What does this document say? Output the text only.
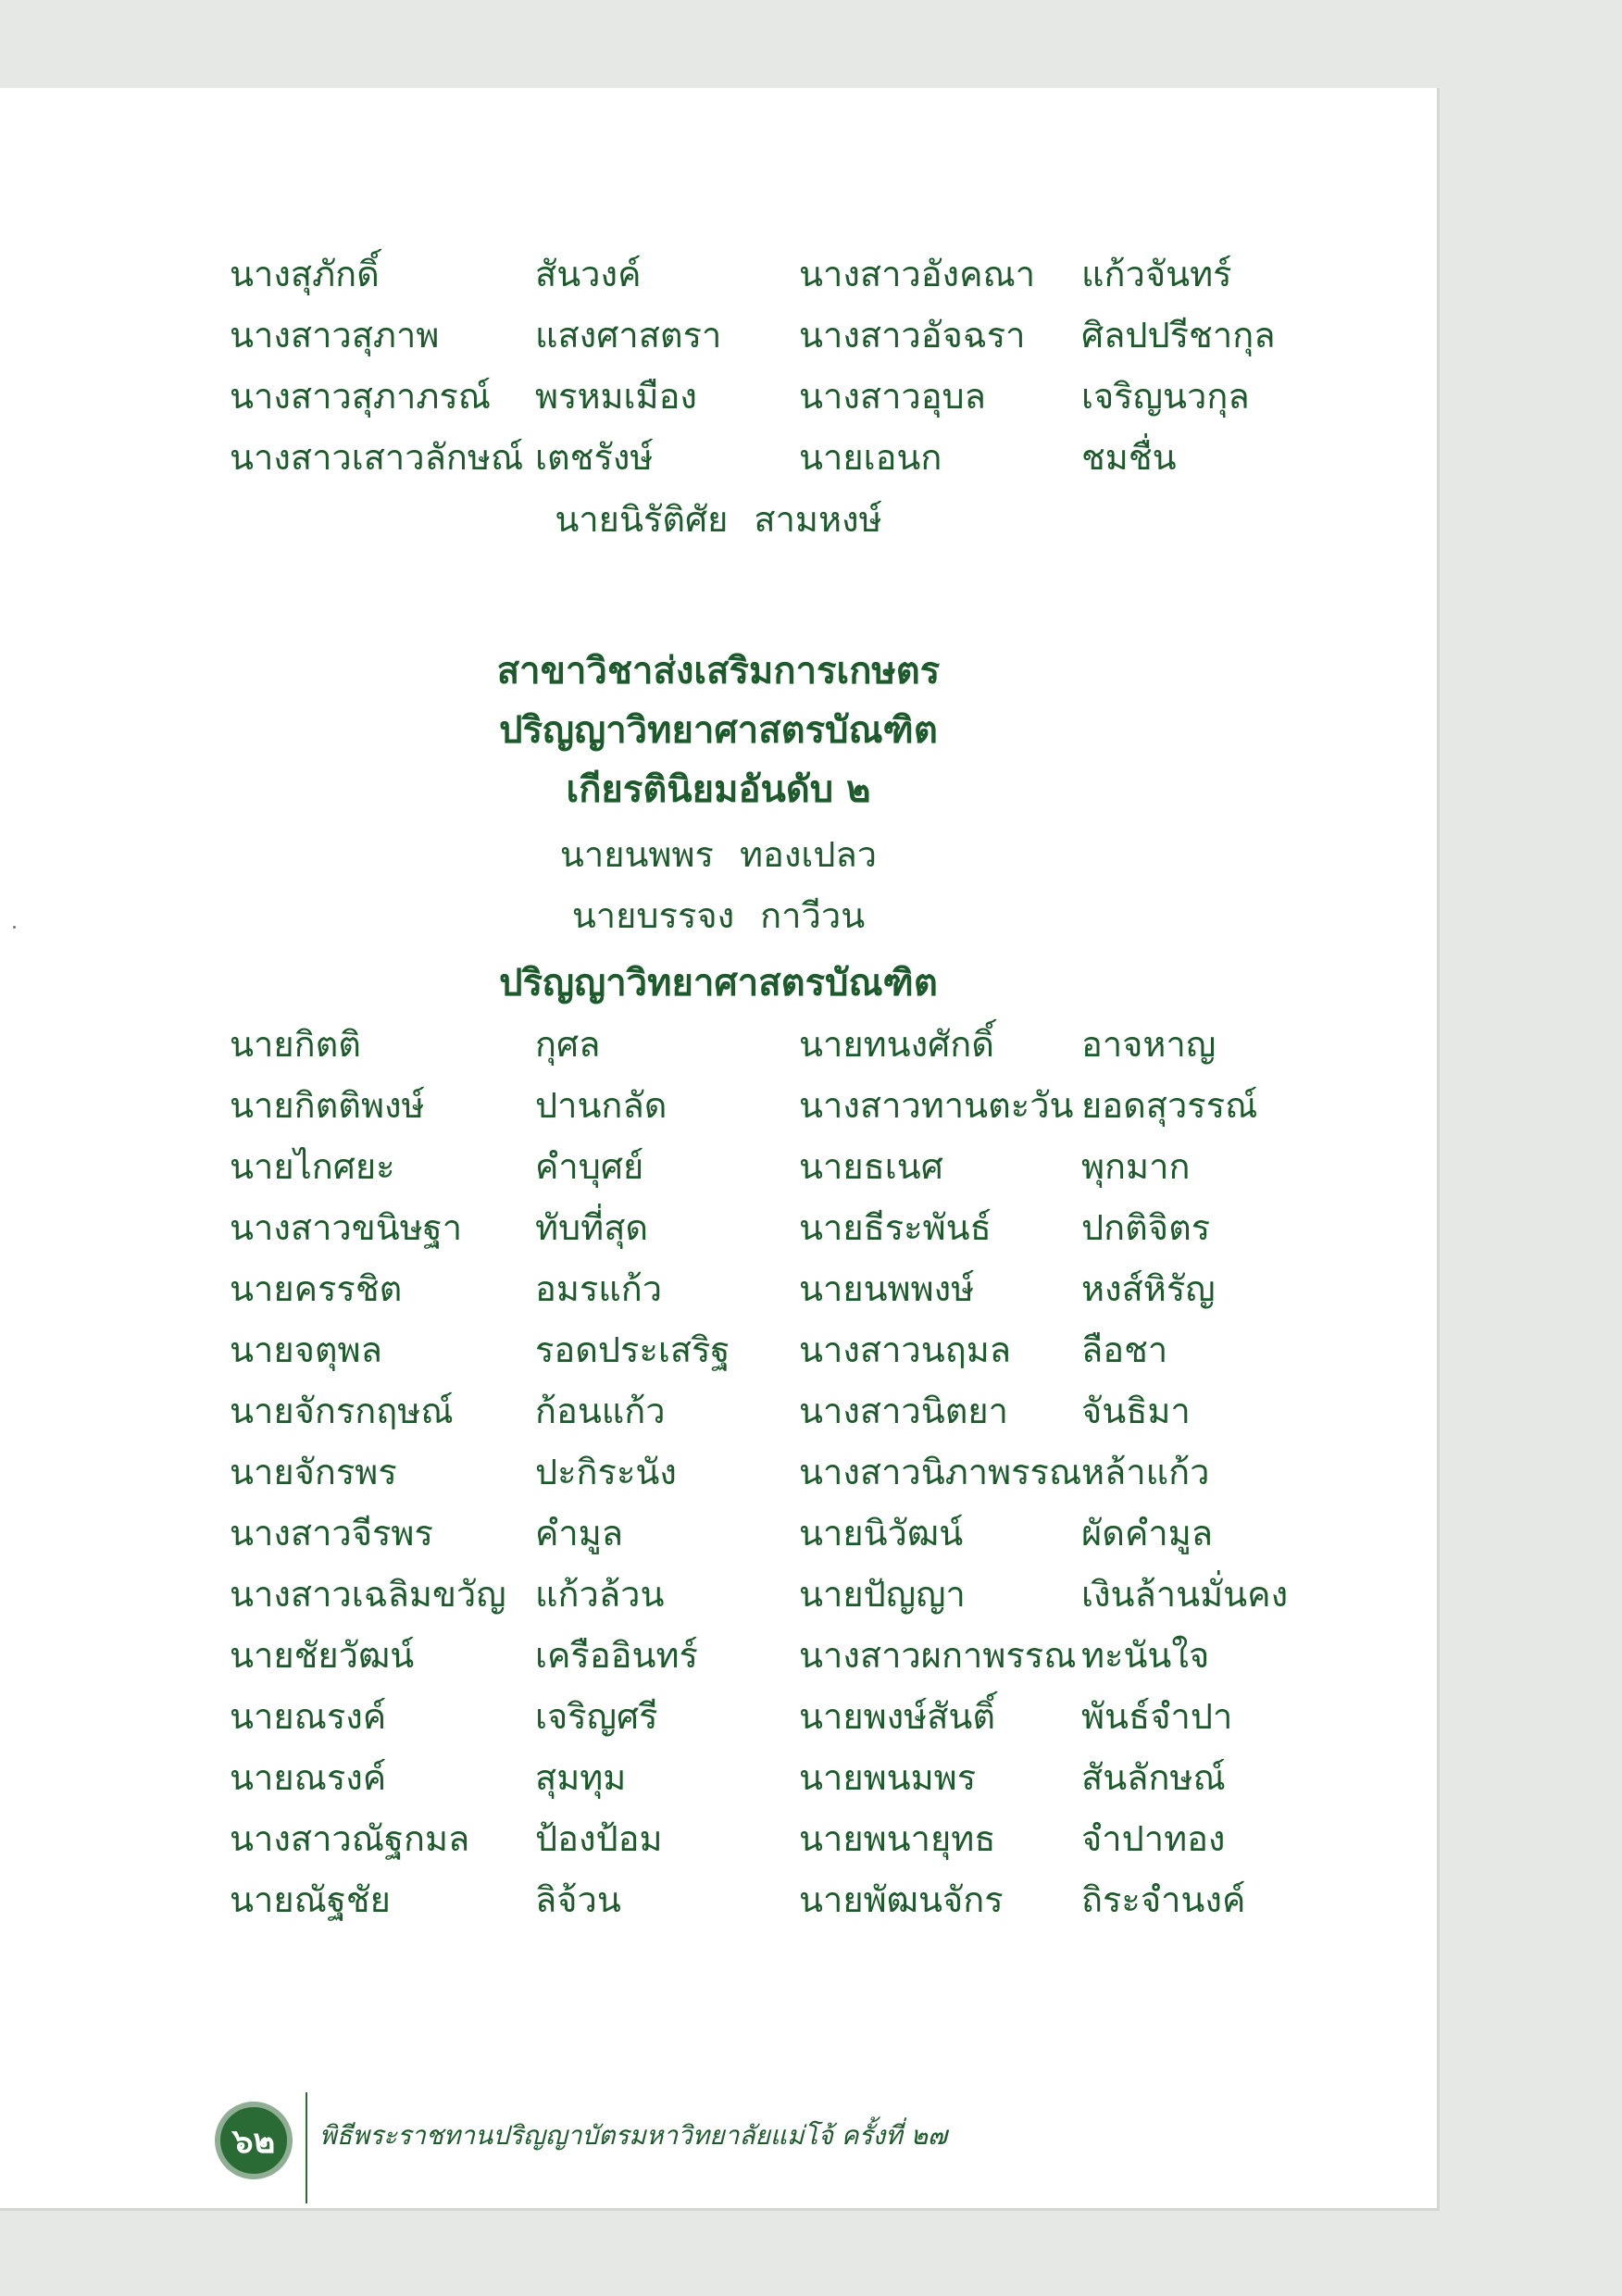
นางสุภักดิ์	สันวงค์	นางสาวอังคณา	แก้วจันทร์
นางสาวสุภาพ	แสงศาสตรา	นางสาวอัจฉรา	ศิลปปรีชากุล
นางสาวสุภาภรณ์	พรหมเมือง	นางสาวอุบล	เจริญนวกุล
นางสาวเสาวลักษณ์ เตชรังษ์	นายเอนก	ชมชื่น
นายนิรัติศัย สามหงษ์
สาขาวิชาส่งเสริมการเกษตร
ปริญญาวิทยาศาสตรบัณฑิต
เกียรตินิยมอันดับ ๒
นายนพพร ทองเปลว
นายบรรจง กาวีวน
ปริญญาวิทยาศาสตรบัณฑิต
นายกิตติ	กุศล	นายทนงศักดิ์	อาจหาญ
นายกิตติพงษ์	ปานกลัด	นางสาวทานตะวัน ยอดสุวรรณ์
นายไกศยะ	คำบุศย์	นายธเนศ	พุกมาก
นางสาวขนิษฐา	ทับที่สุด	นายธีระพันธ์	ปกติจิตร
นายครรชิต	อมรแก้ว	นายนพพงษ์	หงส์หิรัญ
นายจตุพล	รอดประเสริฐ	นางสาวนฤมล	ลือชา
นายจักรกฤษณ์	ก้อนแก้ว	นางสาวนิตยา	จันธิมา
นายจักรพร	ปะกิระนัง	นางสาวนิภาพรรณ หล้าแก้ว
นางสาวจีรพร	คำมูล	นายนิวัฒน์	ผัดคำมูล
นางสาวเฉลิมขวัญ แก้วล้วน	นายปัญญา	เงินล้านมั่นคง
นายชัยวัฒน์	เครืออินทร์	นางสาวผกาพรรณ ทะนันใจ
นายณรงค์	เจริญศรี	นายพงษ์สันติ์	พันธ์จำปา
นายณรงค์	สุมทุม	นายพนมพร	สันลักษณ์
นางสาวณัฐกมล	ป้องป้อม	นายพนายุทธ	จำปาทอง
นายณัฐชัย	ลิจ้วน	นายพัฒนจักร	ถิระจำนงค์
๖๒	พิธีพระราชทานปริญญาบัตรมหาวิทยาลัยแม่โจ้ ครั้งที่ ๒๗
